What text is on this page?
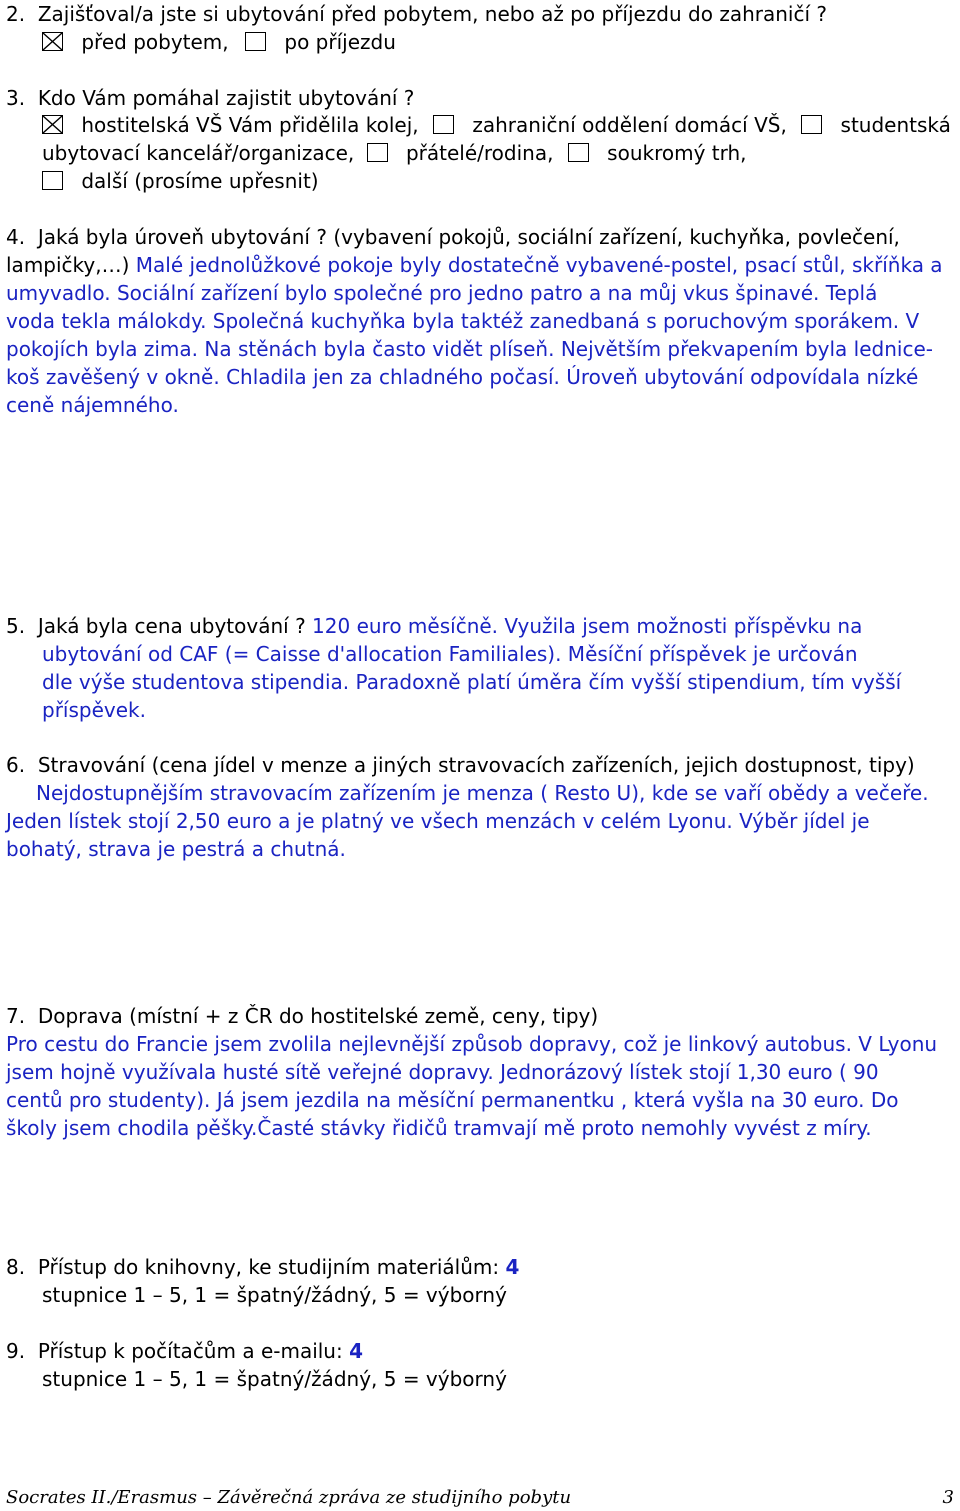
2. Zajišťoval/a jste si ubytování před pobytem, nebo až po příjezdu do zahraničí ?
před pobytem,	po příjezdu
3. Kdo Vám pomáhal zajistit ubytování ?
hostitelská VŠ Vám přidělila kolej,	zahraniční oddělení domácí VŠ,	studentská
ubytovací kancelář/organizace,	přátelé/rodina,	soukromý trh,
další (prosíme upřesnit)
4. Jaká byla úroveň ubytování ? (vybavení pokojů, sociální zařízení, kuchyňka, povlečení,
lampičky,…) Malé jednolůžkové pokoje byly dostatečně vybavené-postel, psací stůl, skříňka a
umyvadlo. Sociální zařízení bylo společné pro jedno patro a na můj vkus špinavé. Teplá
voda tekla málokdy. Společná kuchyňka byla taktéž zanedbaná s poruchovým sporákem. V
pokojích byla zima. Na stěnách byla často vidět plíseň. Největším překvapením byla lednice-
koš zavěšený v okně. Chladila jen za chladného počasí. Úroveň ubytování odpovídala nízké
ceně nájemného.
5. Jaká byla cena ubytování ? 120 euro měsíčně. Využila jsem možnosti příspěvku na
ubytování od CAF (= Caisse d'allocation Familiales). Měsíční příspěvek je určován
dle výše studentova stipendia. Paradoxně platí úměra čím vyšší stipendium, tím vyšší
příspěvek.
6. Stravování (cena jídel v menze a jiných stravovacích zařízeních, jejich dostupnost, tipy)
Nejdostupnějším stravovacím zařízením je menza ( Resto U), kde se vaří obědy a večeře.
Jeden lístek stojí 2,50 euro a je platný ve všech menzách v celém Lyonu. Výběr jídel je
bohatý, strava je pestrá a chutná.
7. Doprava (místní + z ČR do hostitelské země, ceny, tipy)
Pro cestu do Francie jsem zvolila nejlevnější způsob dopravy, což je linkový autobus. V Lyonu
jsem hojně využívala husté sítě veřejné dopravy. Jednorázový lístek stojí 1,30 euro ( 90
centů pro studenty). Já jsem jezdila na měsíční permanentku , která vyšla na 30 euro. Do
školy jsem chodila pěšky.Časté stávky řidičů tramvají mě proto nemohly vyvést z míry.
8. Přístup do knihovny, ke studijním materiálům: 4
stupnice 1 – 5, 1 = špatný/žádný, 5 = výborný
9. Přístup k počítačům a e-mailu: 4
stupnice 1 – 5, 1 = špatný/žádný, 5 = výborný
Socrates II./Erasmus – Závěrečná zpráva ze studijního pobytu	3
